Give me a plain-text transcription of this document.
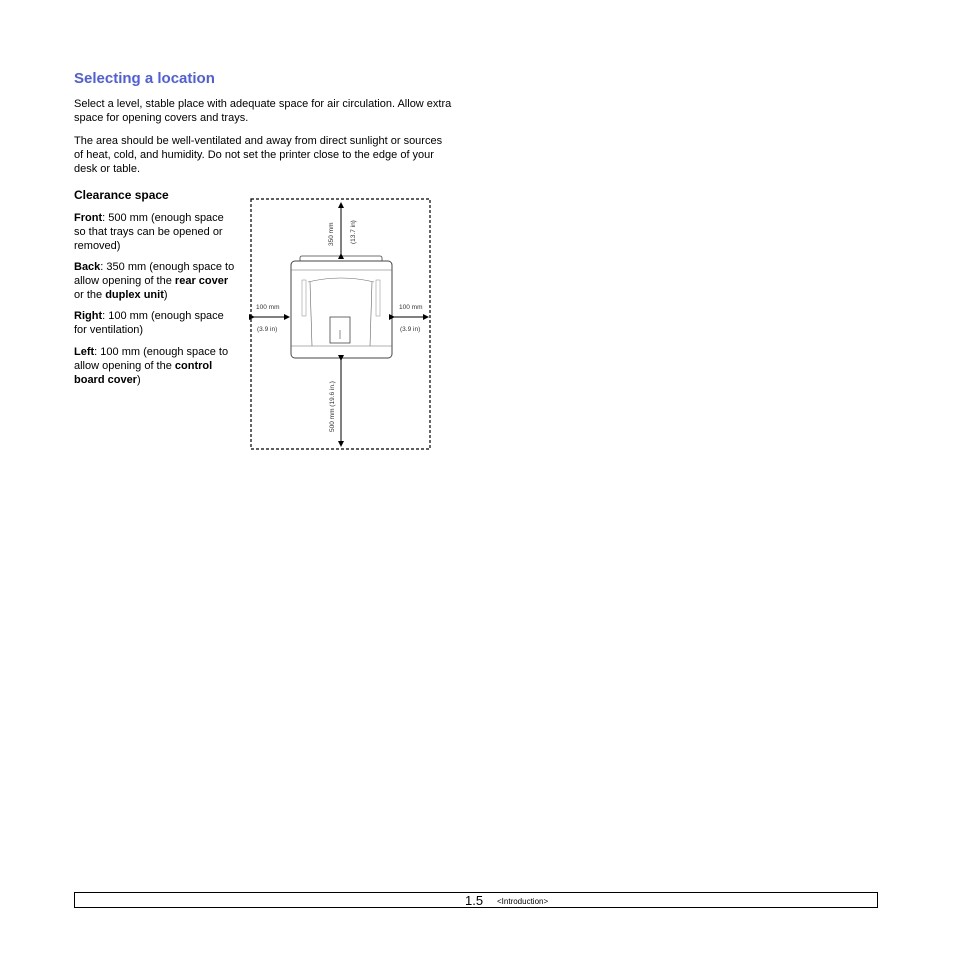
Selecting a location

Select a level, stable place with adequate space for air circulation. Allow extra space for opening covers and trays.

The area should be well-ventilated and away from direct sunlight or sources of heat, cold, and humidity. Do not set the printer close to the edge of your desk or table.

Clearance space

Front: 500 mm (enough space so that trays can be opened or removed)

Back: 350 mm (enough space to allow opening of the rear cover or the duplex unit)

Right: 100 mm (enough space for ventilation)

Left: 100 mm (enough space to allow opening of the control board cover)

350 mm (13.7 in)
500 mm (19.6 in.)
100 mm
(3.9 in)
100 mm
(3.9 in)
1.5 <Introduction>
